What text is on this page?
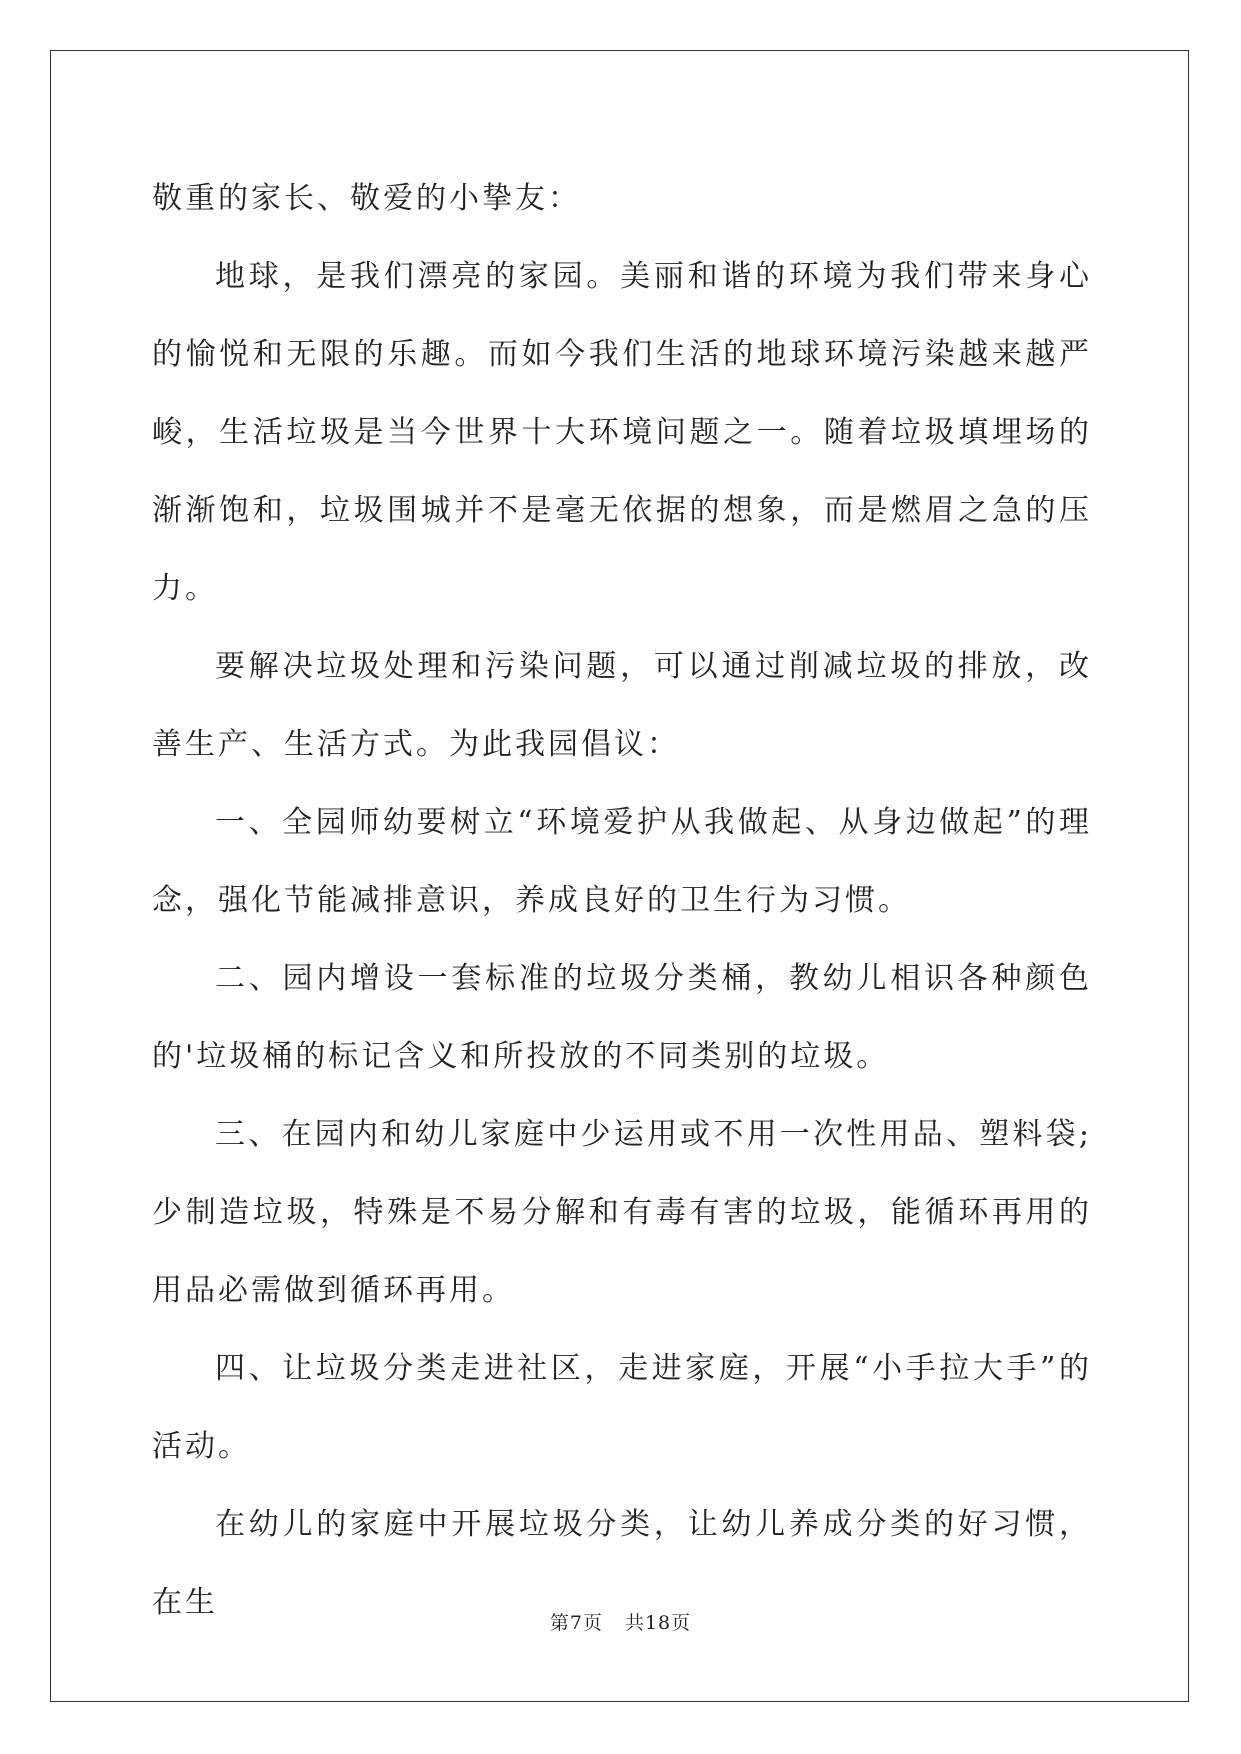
敬重的家长、敬爱的小挚友：

地球，是我们漂亮的家园。美丽和谐的环境为我们带来身心的愉悦和无限的乐趣。而如今我们生活的地球环境污染越来越严峻，生活垃圾是当今世界十大环境问题之一。随着垃圾填埋场的渐渐饱和，垃圾围城并不是毫无依据的想象，而是燃眉之急的压力。

要解决垃圾处理和污染问题，可以通过削减垃圾的排放，改善生产、生活方式。为此我园倡议：

一、全园师幼要树立“环境爱护从我做起、从身边做起”的理念，强化节能减排意识，养成良好的卫生行为习惯。

二、园内增设一套标准的垃圾分类桶，教幼儿相识各种颜色的'垃圾桶的标记含义和所投放的不同类别的垃圾。

三、在园内和幼儿家庭中少运用或不用一次性用品、塑料袋;少制造垃圾，特殊是不易分解和有毒有害的垃圾，能循环再用的用品必需做到循环再用。

四、让垃圾分类走进社区，走进家庭，开展“小手拉大手”的活动。

在幼儿的家庭中开展垃圾分类，让幼儿养成分类的好习惯，在生

第7页 共18页
